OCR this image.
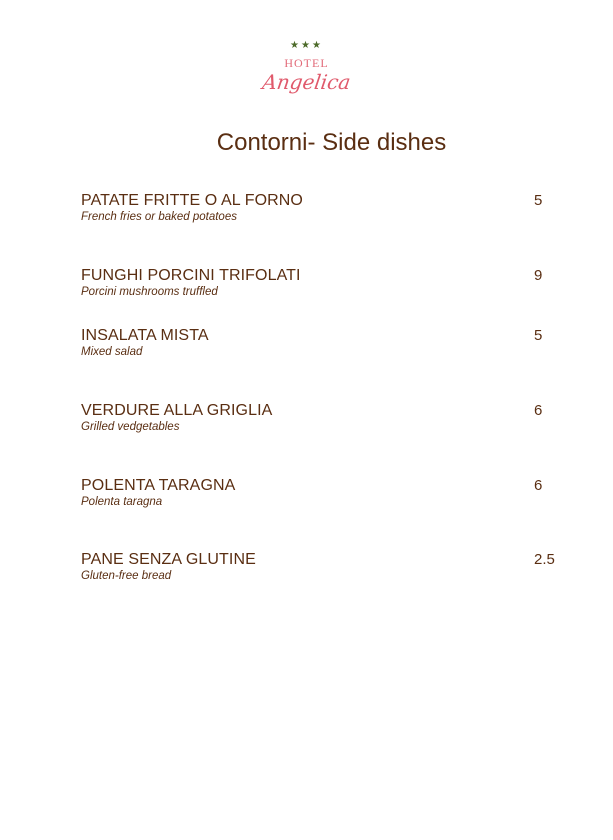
★★★
HOTEL
Angelica
Contorni- Side dishes
PATATE FRITTE O AL FORNO
French fries or baked potatoes
5
FUNGHI PORCINI TRIFOLATI
Porcini mushrooms truffled
9
INSALATA MISTA
Mixed salad
5
VERDURE ALLA GRIGLIA
Grilled vedgetables
6
POLENTA TARAGNA
Polenta taragna
6
PANE SENZA GLUTINE
Gluten-free bread
2.5
